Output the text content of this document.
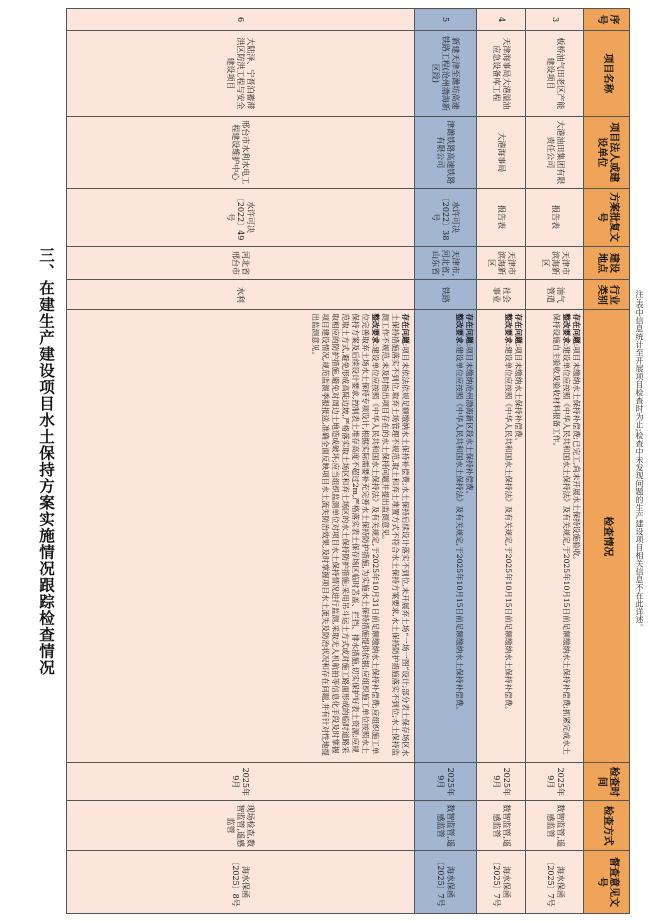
三、在建生产建设项目水土保持方案实施情况跟踪检查情况
序号
项目名称
项目法人或建设单位
方案批复文号
建设地点
行业类别
检查情况
检查时间
检查方式
督查意见文号
3
板桥油气田老区产能建设项目
大港油田集团有限责任公司
报告表
天津市滨海新区
油气管道

存在问题:项目未缴纳水土保持补偿费;已完工,尚未开展水土保持设施验收。

整改要求:建设单位应按照《中华人民共和国水土保持法》及有关规定,于2025年10月15日前足额缴纳水土保持补偿费;抓紧完成水土保持设施自主验收及验收材料报备工作。

2025年9月
数智监管,遥感监管
海水保函〔2025〕7号
4
天津海事局大港溢油应急设备库工程
大港海事局
报告表
天津市滨海新区
社会事业

存在问题:项目未缴纳水土保持补偿费。

整改要求:建设单位应按照《中华人民共和国水土保持法》及有关规定,于2025年10月15日前足额缴纳水土保持补偿费。

2025年9月
数智监管,遥感监管
海水保函〔2025〕7号
5
新建天津至潍坊高速铁路工程(沧州渤海新区段)
津潍铁路高速铁路有限公司
水许可决〔2022〕38号
天津市,河北省,山东省
铁路

存在问题:项目未缴纳沧州渤海新区段水土保持补偿费。

整改要求:建设单位应按照《中华人民共和国水土保持法》及有关规定,于2025年10月15日前足额缴纳水土保持补偿费。

2025年9月
数智监管,遥感监管
海水保函〔2025〕7号
6
大陆泽、宁晋泊蓄滞洪区防洪工程与安全建设项目
邢台市水利水电工程建设维护中心
水许可决〔2022〕49号
河北省邢台市
水利

存在问题:项目未依法依规足额缴纳水土保持补偿费;水土保持后续设计落实不到位,未开展弃土场“一场一图”设计;部分表土保存场区水土保持措施落实不到位,取弃土场管理不规范,取土和弃土堆置方式不符合水土保持方案要求,水土保持防护措施落实不到位;水土保持监测工作不规范,未及时指出项目存在的水土保持问题并提出监测意见。

整改要求:建设单位应按照《中华人民共和国水土保持法》及有关规定,于2025年10月31日前足额缴纳水土保持补偿费;应组织施工单位完善取弃土场水土保持专项设计,根据实际需要补充完善水土保持防护措施,为实施水土保持措施提供依据;应组织施工单位按照水土保持方案及后续设计要求,控制表土堆存高度不超过2m,严格落实表土保存场区临时苫盖、拦挡、排水措施,切实保护好表土资源;应规范取土方式,避免形成高陡边坡,严格落实取土场区和弃土场区的水土保持防护措施;采用吊斗运土方式或对施工路面形成的临时道路采取相应的防护措施,避免对周边土地造成破坏;应当组织监测单位对项目水土保持情况进行监测,采取无人机航拍等信息化手段及时掌握项目建设情况,规范监测季报报送,准确全面反映项目水土流失防治效果,及时掌握项目水土流失及防治状况和存在问题,并有针对性地提出监测意见。

2025年9月
现场检查,数智监管,遥感监管
海水保函〔2025〕8号
注:表中信息统计至开展项目检查时为止;检查中未发现问题的生产建设项目相关信息不在此详述。
